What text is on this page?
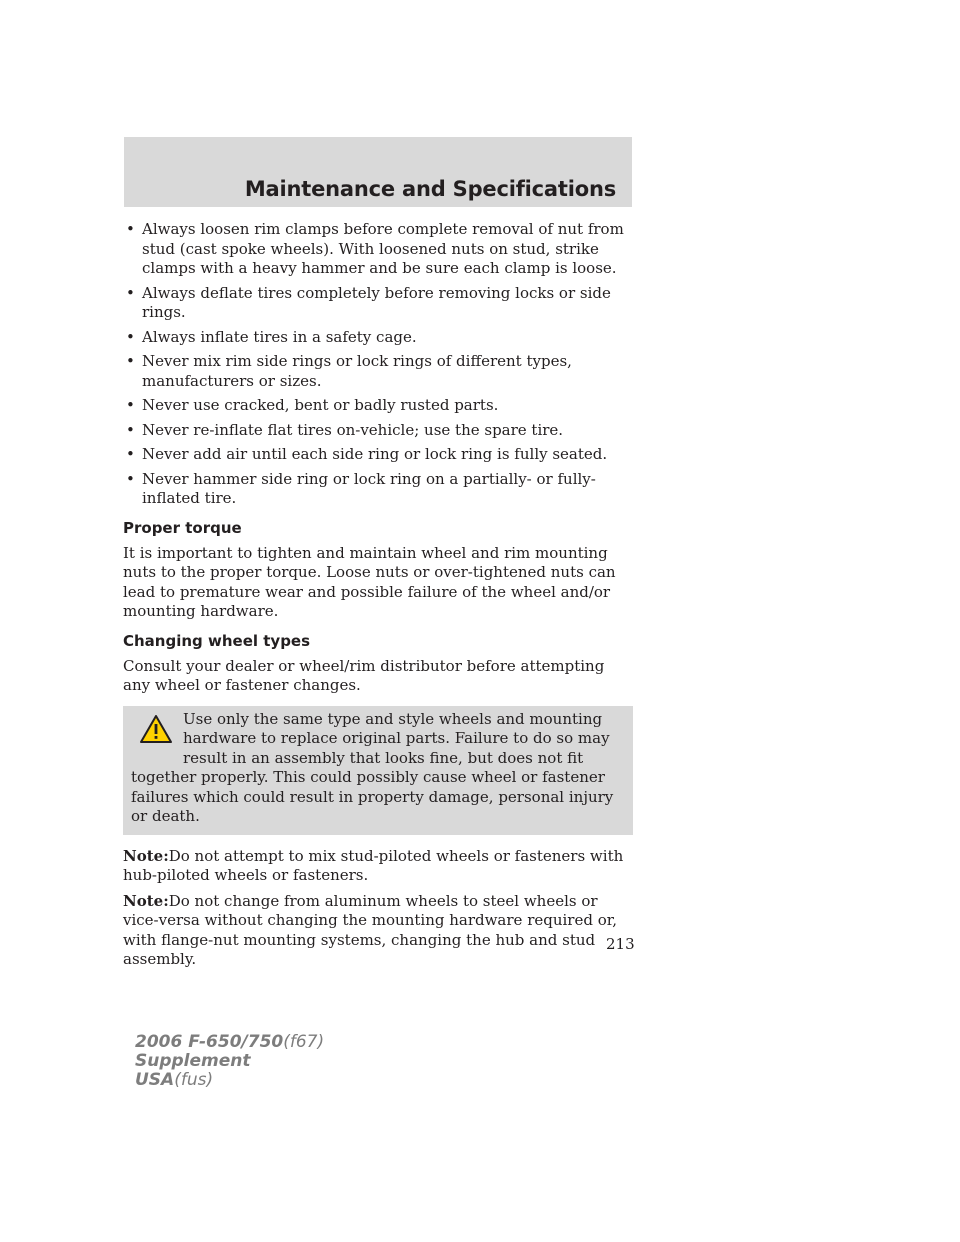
Maintenance and Specifications
• Always loosen rim clamps before complete removal of nut from stud (cast spoke wheels). With loosened nuts on stud, strike clamps with a heavy hammer and be sure each clamp is loose.
• Always deflate tires completely before removing locks or side rings.
• Always inflate tires in a safety cage.
• Never mix rim side rings or lock rings of different types, manufacturers or sizes.
• Never use cracked, bent or badly rusted parts.
• Never re-inflate flat tires on-vehicle; use the spare tire.
• Never add air until each side ring or lock ring is fully seated.
• Never hammer side ring or lock ring on a partially- or fully-inflated tire.
Proper torque

It is important to tighten and maintain wheel and rim mounting nuts to the proper torque. Loose nuts or over-tightened nuts can lead to premature wear and possible failure of the wheel and/or mounting hardware.

Changing wheel types

Consult your dealer or wheel/rim distributor before attempting any wheel or fastener changes.

Use only the same type and style wheels and mounting hardware to replace original parts. Failure to do so may result in an assembly that looks fine, but does not fit together properly. This could possibly cause wheel or fastener failures which could result in property damage, personal injury or death.

Note:Do not attempt to mix stud-piloted wheels or fasteners with hub-piloted wheels or fasteners.

Note:Do not change from aluminum wheels to steel wheels or vice-versa without changing the mounting hardware required or, with flange-nut mounting systems, changing the hub and stud assembly.

213
2006 F-650/750(f67)
Supplement
USA(fus)
